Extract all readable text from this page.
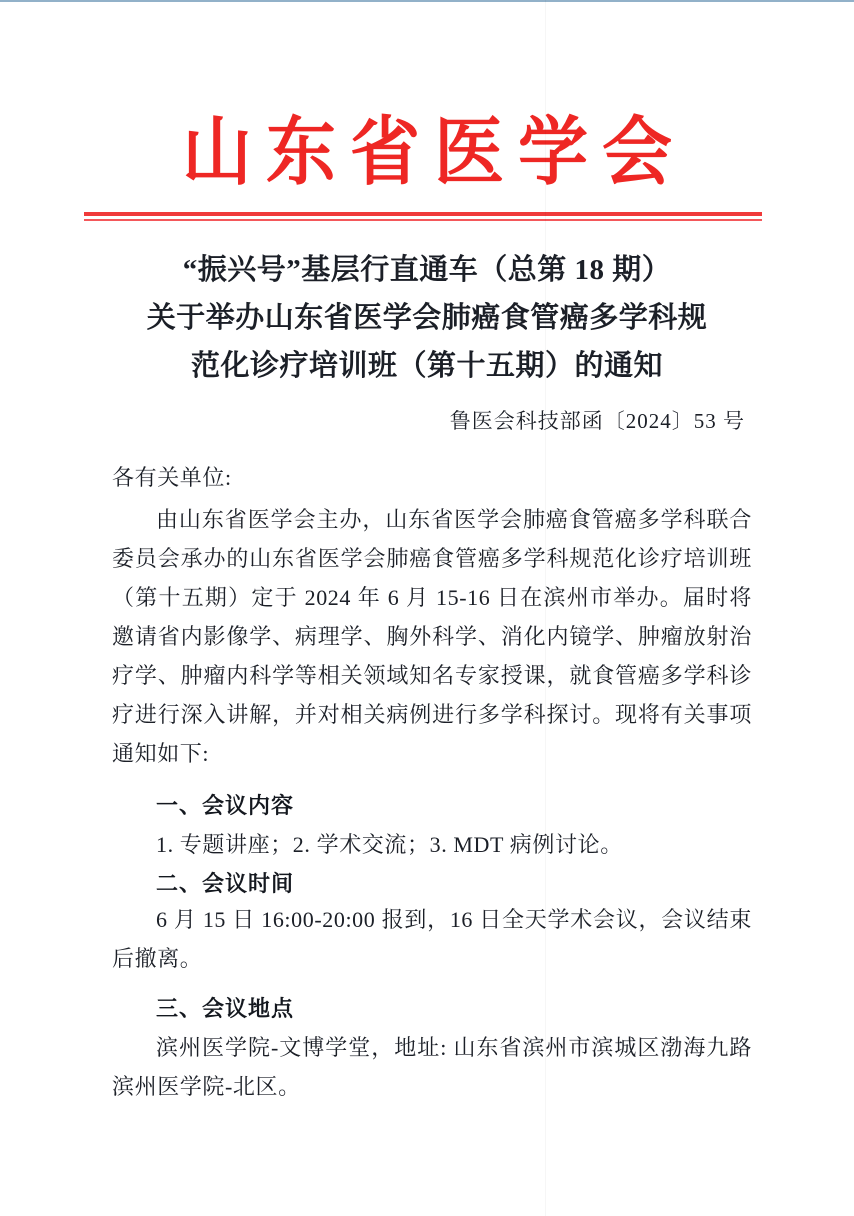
山东省医学会
“振兴号”基层行直通车（总第 18 期）
关于举办山东省医学会肺癌食管癌多学科规
范化诊疗培训班（第十五期）的通知
鲁医会科技部函〔2024〕53 号
各有关单位:
由山东省医学会主办，山东省医学会肺癌食管癌多学科联合委员会承办的山东省医学会肺癌食管癌多学科规范化诊疗培训班（第十五期）定于 2024 年 6 月 15-16 日在滨州市举办。届时将邀请省内影像学、病理学、胸外科学、消化内镜学、肿瘤放射治疗学、肿瘤内科学等相关领域知名专家授课，就食管癌多学科诊疗进行深入讲解，并对相关病例进行多学科探讨。现将有关事项通知如下:
一、会议内容
1. 专题讲座；2. 学术交流；3. MDT 病例讨论。
二、会议时间
6 月 15 日 16:00-20:00 报到，16 日全天学术会议，会议结束后撤离。
三、会议地点
滨州医学院-文博学堂，地址: 山东省滨州市滨城区渤海九路滨州医学院-北区。
